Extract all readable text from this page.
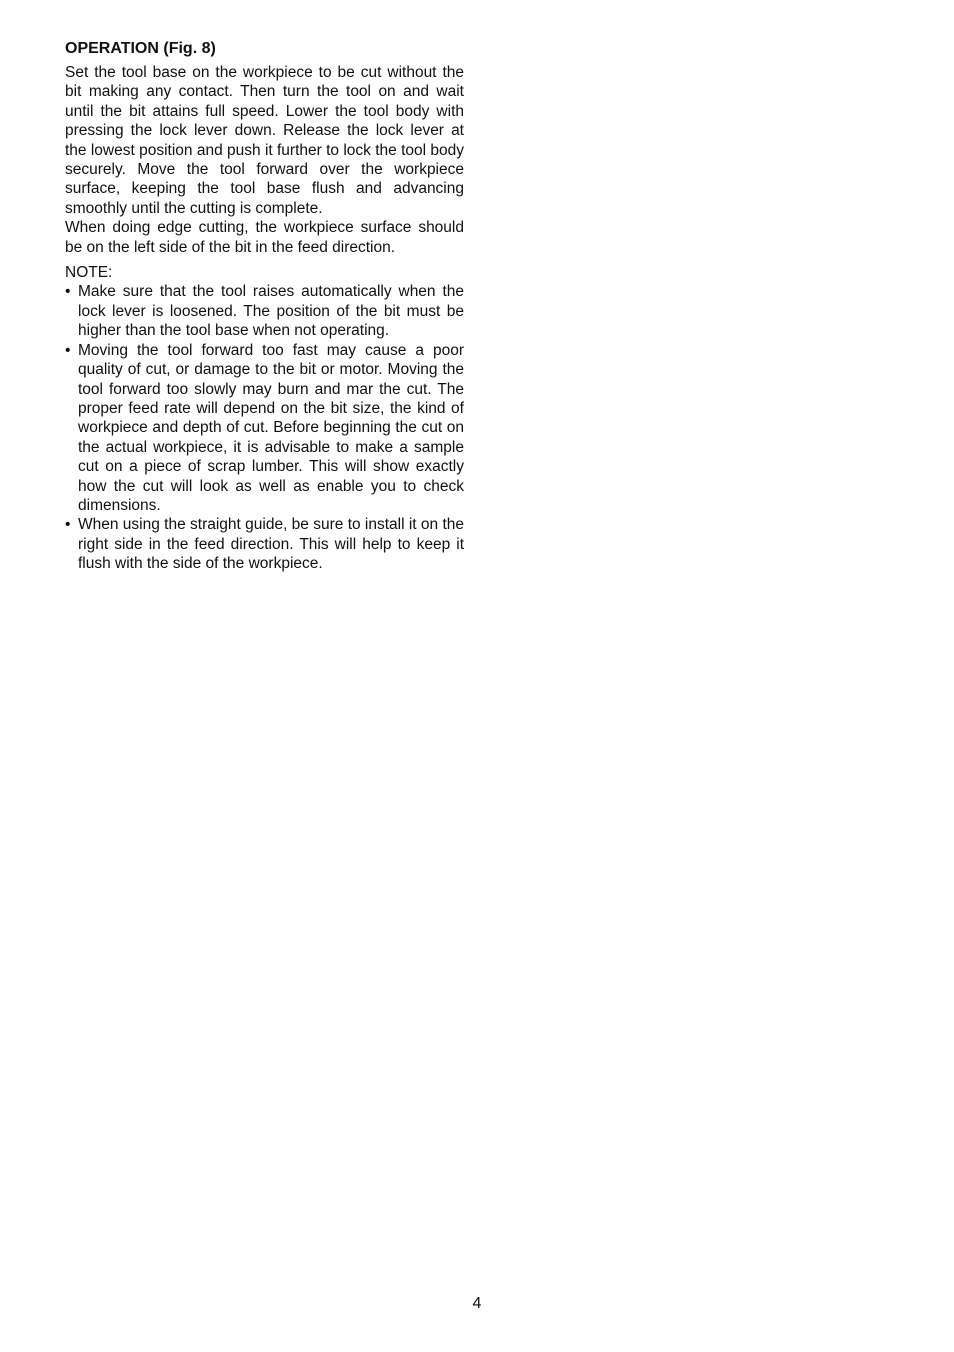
OPERATION (Fig. 8)

Set the tool base on the workpiece to be cut without the bit making any contact. Then turn the tool on and wait until the bit attains full speed. Lower the tool body with pressing the lock lever down. Release the lock lever at the lowest position and push it further to lock the tool body securely. Move the tool forward over the workpiece surface, keeping the tool base flush and advancing smoothly until the cutting is complete.

When doing edge cutting, the workpiece surface should be on the left side of the bit in the feed direction.

NOTE:

• Make sure that the tool raises automatically when the lock lever is loosened. The position of the bit must be higher than the tool base when not operating.
• Moving the tool forward too fast may cause a poor quality of cut, or damage to the bit or motor. Moving the tool forward too slowly may burn and mar the cut. The proper feed rate will depend on the bit size, the kind of workpiece and depth of cut. Before beginning the cut on the actual workpiece, it is advisable to make a sample cut on a piece of scrap lumber. This will show exactly how the cut will look as well as enable you to check dimensions.
• When using the straight guide, be sure to install it on the right side in the feed direction. This will help to keep it flush with the side of the workpiece.
4
